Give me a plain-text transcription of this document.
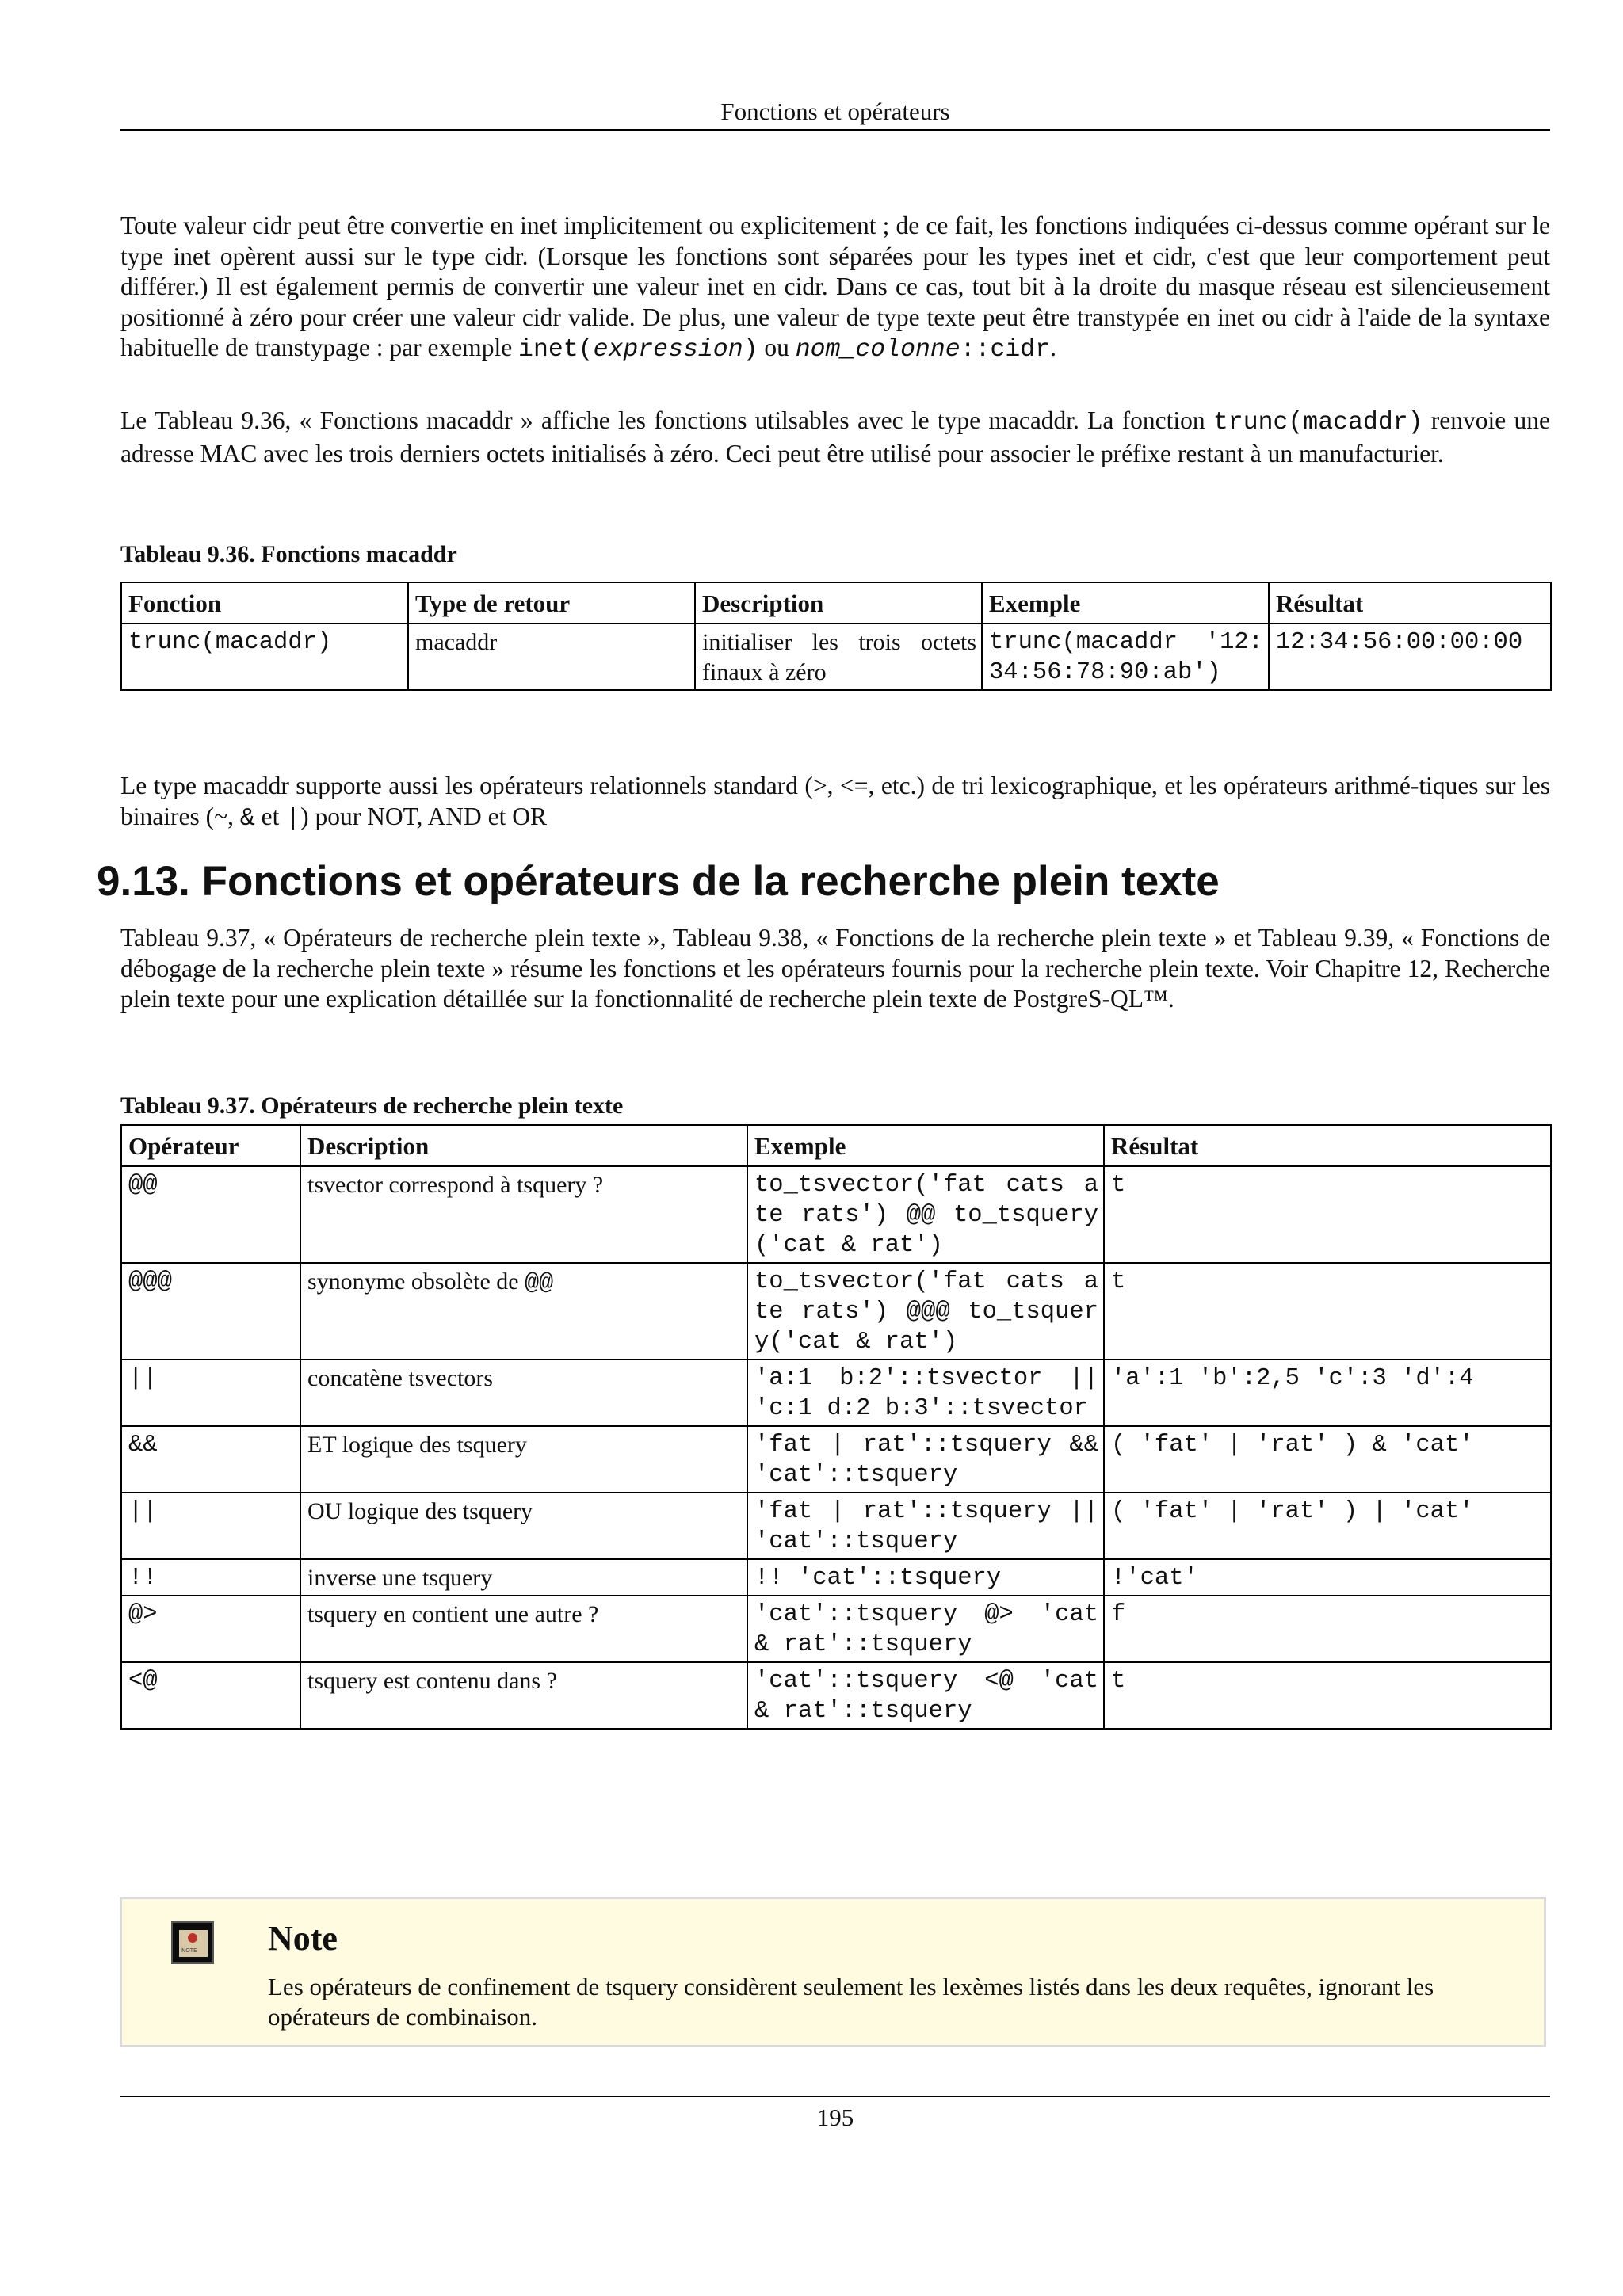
Fonctions et opérateurs

Toute valeur cidr peut être convertie en inet implicitement ou explicitement ; de ce fait, les fonctions indiquées ci-dessus comme opérant sur le type inet opèrent aussi sur le type cidr. (Lorsque les fonctions sont séparées pour les types inet et cidr, c'est que leur comportement peut différer.) Il est également permis de convertir une valeur inet en cidr. Dans ce cas, tout bit à la droite du masque réseau est silencieusement positionné à zéro pour créer une valeur cidr valide. De plus, une valeur de type texte peut être transtypée en inet ou cidr à l'aide de la syntaxe habituelle de transtypage : par exemple inet(expression) ou nom_colonne::cidr.

Le Tableau 9.36, « Fonctions macaddr » affiche les fonctions utilsables avec le type macaddr. La fonction trunc(macaddr) renvoie une adresse MAC avec les trois derniers octets initialisés à zéro. Ceci peut être utilisé pour associer le préfixe restant à un manufacturier.

Tableau 9.36. Fonctions macaddr
Fonction	Type de retour	Description	Exemple	Résultat
trunc(macaddr)	macaddr	initialiser les trois octets finaux à zéro	trunc(macaddr '12:34:56:78:90:ab')	12:34:56:00:00:00

Le type macaddr supporte aussi les opérateurs relationnels standard (>, <=, etc.) de tri lexicographique, et les opérateurs arithmé-tiques sur les binaires (~, & et |) pour NOT, AND et OR

9.13. Fonctions et opérateurs de la recherche plein texte

Tableau 9.37, « Opérateurs de recherche plein texte », Tableau 9.38, « Fonctions de la recherche plein texte » et Tableau 9.39, « Fonctions de débogage de la recherche plein texte » résume les fonctions et les opérateurs fournis pour la recherche plein texte. Voir Chapitre 12, Recherche plein texte pour une explication détaillée sur la fonctionnalité de recherche plein texte de PostgreS-QL™.

Tableau 9.37. Opérateurs de recherche plein texte
Opérateur	Description	Exemple	Résultat
@@	tsvector correspond à tsquery ?	to_tsvector('fat cats ate rats') @@ to_tsquery('cat & rat')	t
@@@	synonyme obsolète de @@	to_tsvector('fat cats ate rats') @@@ to_tsquery('cat & rat')	t
||	concatène tsvectors	'a:1 b:2'::tsvector || 'c:1 d:2 b:3'::tsvector	'a':1 'b':2,5 'c':3 'd':4
&&	ET logique des tsquery	'fat | rat'::tsquery && 'cat'::tsquery	( 'fat' | 'rat' ) & 'cat'
||	OU logique des tsquery	'fat | rat'::tsquery || 'cat'::tsquery	( 'fat' | 'rat' ) | 'cat'
!!	inverse une tsquery	!! 'cat'::tsquery	!'cat'
@>	tsquery en contient une autre ?	'cat'::tsquery @> 'cat & rat'::tsquery	f
<@	tsquery est contenu dans ?	'cat'::tsquery <@ 'cat & rat'::tsquery	t
NOTE Note
Les opérateurs de confinement de tsquery considèrent seulement les lexèmes listés dans les deux requêtes, ignorant les opérateurs de combinaison.
195
